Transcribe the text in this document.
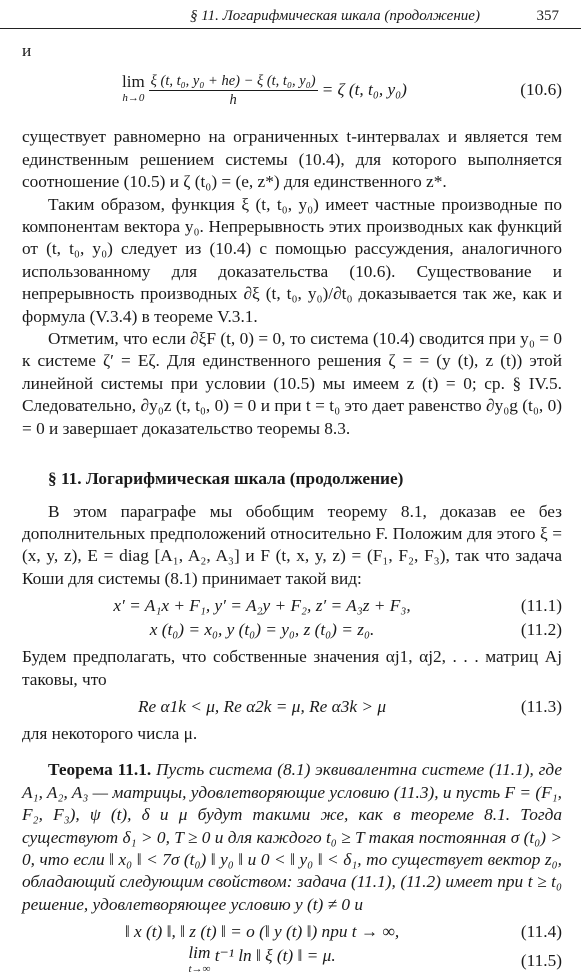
§ 11. Логарифмическая шкала (продолжение)	357

и

lim
$h\to 0 \frac{\text{ξ (t, t₀, y₀ + he) − ξ (t, t₀, y₀)}}{h} = \zeta$ (t, t₀, y₀)	(10.6)

существует равномерно на ограниченных t-интервалах и является тем единственным решением системы (10.4), для которого выполняется соотношение (10.5) и ζ (t₀) = (e, z*) для единственного z*.

Таким образом, функция ξ (t, t₀, y₀) имеет частные производные по компонентам вектора y₀. Непрерывность этих производных как функций от (t, t₀, y₀) следует из (10.4) с помощью рассуждения, аналогичного использованному для доказательства (10.6). Существование и непрерывность производных ∂ξ (t, t₀, y₀)/∂t₀ доказывается так же, как и формула (V.3.4) в теореме V.3.1.

Отметим, что если ∂ξF (t, 0) = 0, то система (10.4) сводится при y₀ = 0 к системе ζ′ = Eζ. Для единственного решения ζ = = (y (t), z (t)) этой линейной системы при условии (10.5) мы имеем z (t) = 0; ср. § IV.5. Следовательно, ∂y₀z (t, t₀, 0) = 0 и при t = t₀ это дает равенство ∂y₀g (t₀, 0) = 0 и завершает доказательство теоремы 8.3.

§ 11. Логарифмическая шкала (продолжение)

В этом параграфе мы обобщим теорему 8.1, доказав ее без дополнительных предположений относительно F. Положим для этого ξ = (x, y, z), E = diag [A₁, A₂, A₃] и F (t, x, y, z) = (F₁, F₂, F₃), так что задача Коши для системы (8.1) принимает такой вид:

x′ = A₁x + F₁, y′ = A₂y + F₂, z′ = A₃z + F₃,	(11.1)
x (t₀) = x₀, y (t₀) = y₀, z (t₀) = z₀.	(11.2)

Будем предполагать, что собственные значения αj1, αj2, . . . матриц Aj таковы, что

Re α1k < μ, Re α2k = μ, Re α3k > μ	(11.3)

для некоторого числа μ.

Теорема 11.1. Пусть система (8.1) эквивалентна системе (11.1), где A₁, A₂, A₃ — матрицы, удовлетворяющие условию (11.3), и пусть F = (F₁, F₂, F₃), ψ (t), δ и μ будут такими же, как в теореме 8.1. Тогда существуют δ₁ > 0, T ≥ 0 и для каждого t₀ ≥ T такая постоянная σ (t₀) > 0, что если ‖ x₀ ‖ < 7σ (t₀) ‖ y₀ ‖ и 0 < ‖ y₀ ‖ < δ₁, то существует вектор z₀, обладающий следующим свойством: задача (11.1), (11.2) имеет при t ≥ t₀ решение, удовлетворяющее условию y (t) ≠ 0 и

‖ x (t) ‖, ‖ z (t) ‖ = o (‖ y (t) ‖) при t → ∞,	(11.4)
lim
t→∞
t⁻¹ ln ‖ ξ (t) ‖ = μ.	(11.5)
